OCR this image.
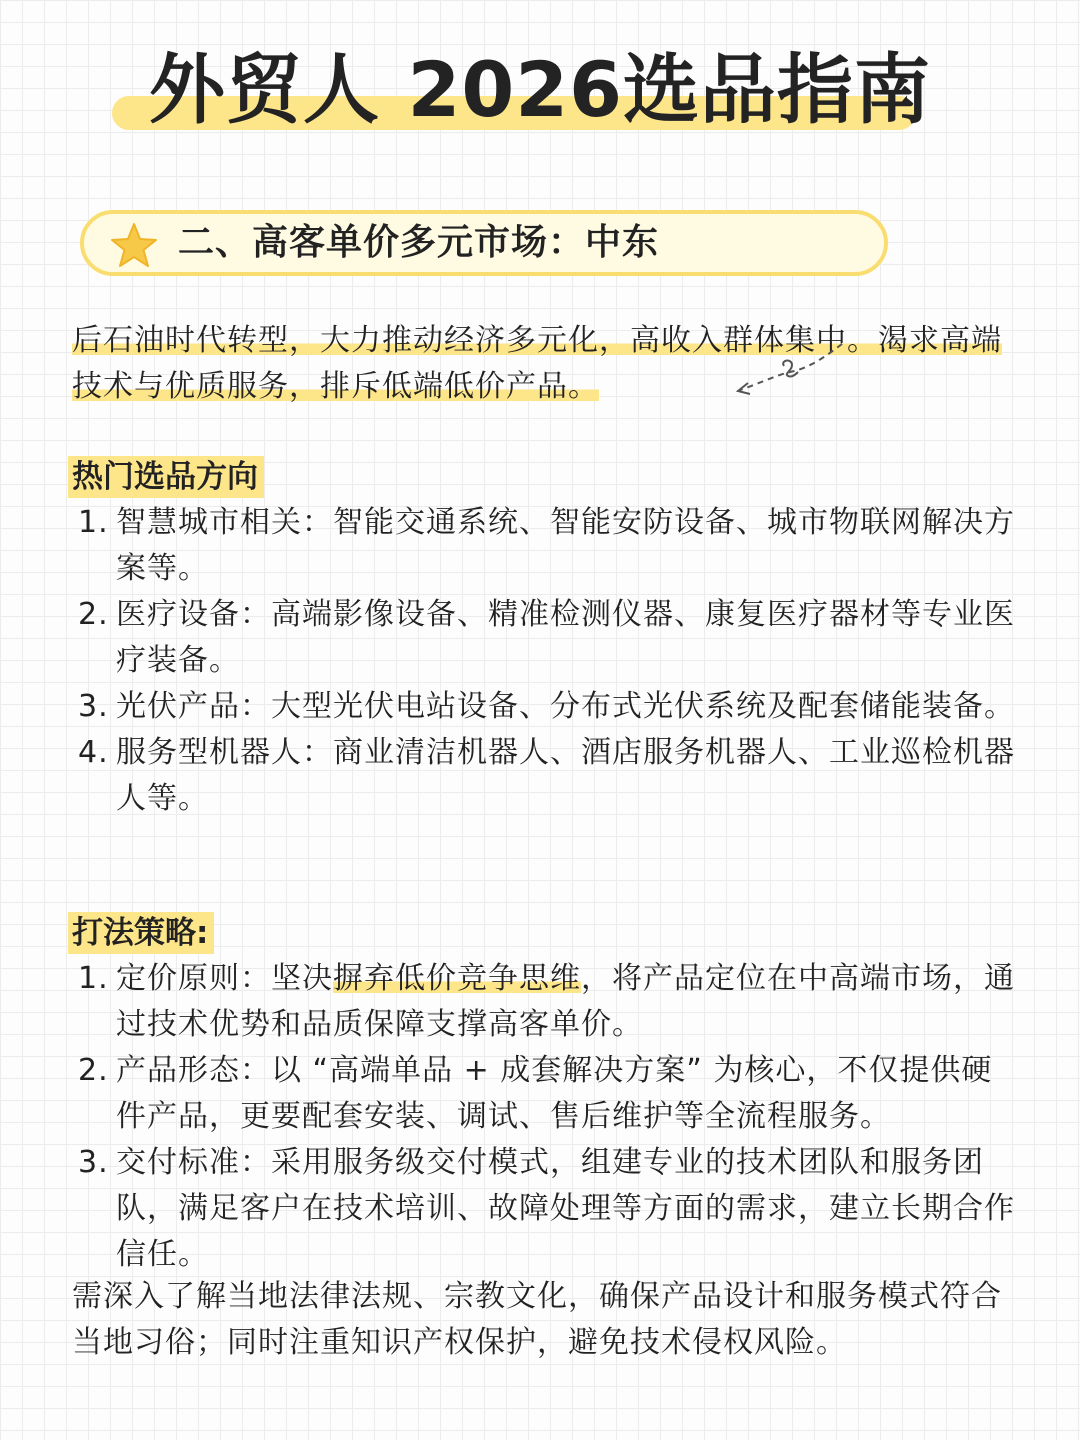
外贸人 2026选品指南
二、高客单价多元市场：中东
后石油时代转型，大力推动经济多元化，高收入群体集中。渴求高端技术与优质服务，排斥低端低价产品。
热门选品方向
1. 智慧城市相关：智能交通系统、智能安防设备、城市物联网解决方案等。
2. 医疗设备：高端影像设备、精准检测仪器、康复医疗器材等专业医疗装备。
3. 光伏产品：大型光伏电站设备、分布式光伏系统及配套储能装备。
4. 服务型机器人：商业清洁机器人、酒店服务机器人、工业巡检机器人等。
打法策略:
1. 定价原则：坚决摒弃低价竞争思维，将产品定位在中高端市场，通过技术优势和品质保障支撑高客单价。
2. 产品形态：以 “高端单品 + 成套解决方案” 为核心，不仅提供硬件产品，更要配套安装、调试、售后维护等全流程服务。
3. 交付标准：采用服务级交付模式，组建专业的技术团队和服务团队，满足客户在技术培训、故障处理等方面的需求，建立长期合作信任。
需深入了解当地法律法规、宗教文化，确保产品设计和服务模式符合当地习俗；同时注重知识产权保护，避免技术侵权风险。
